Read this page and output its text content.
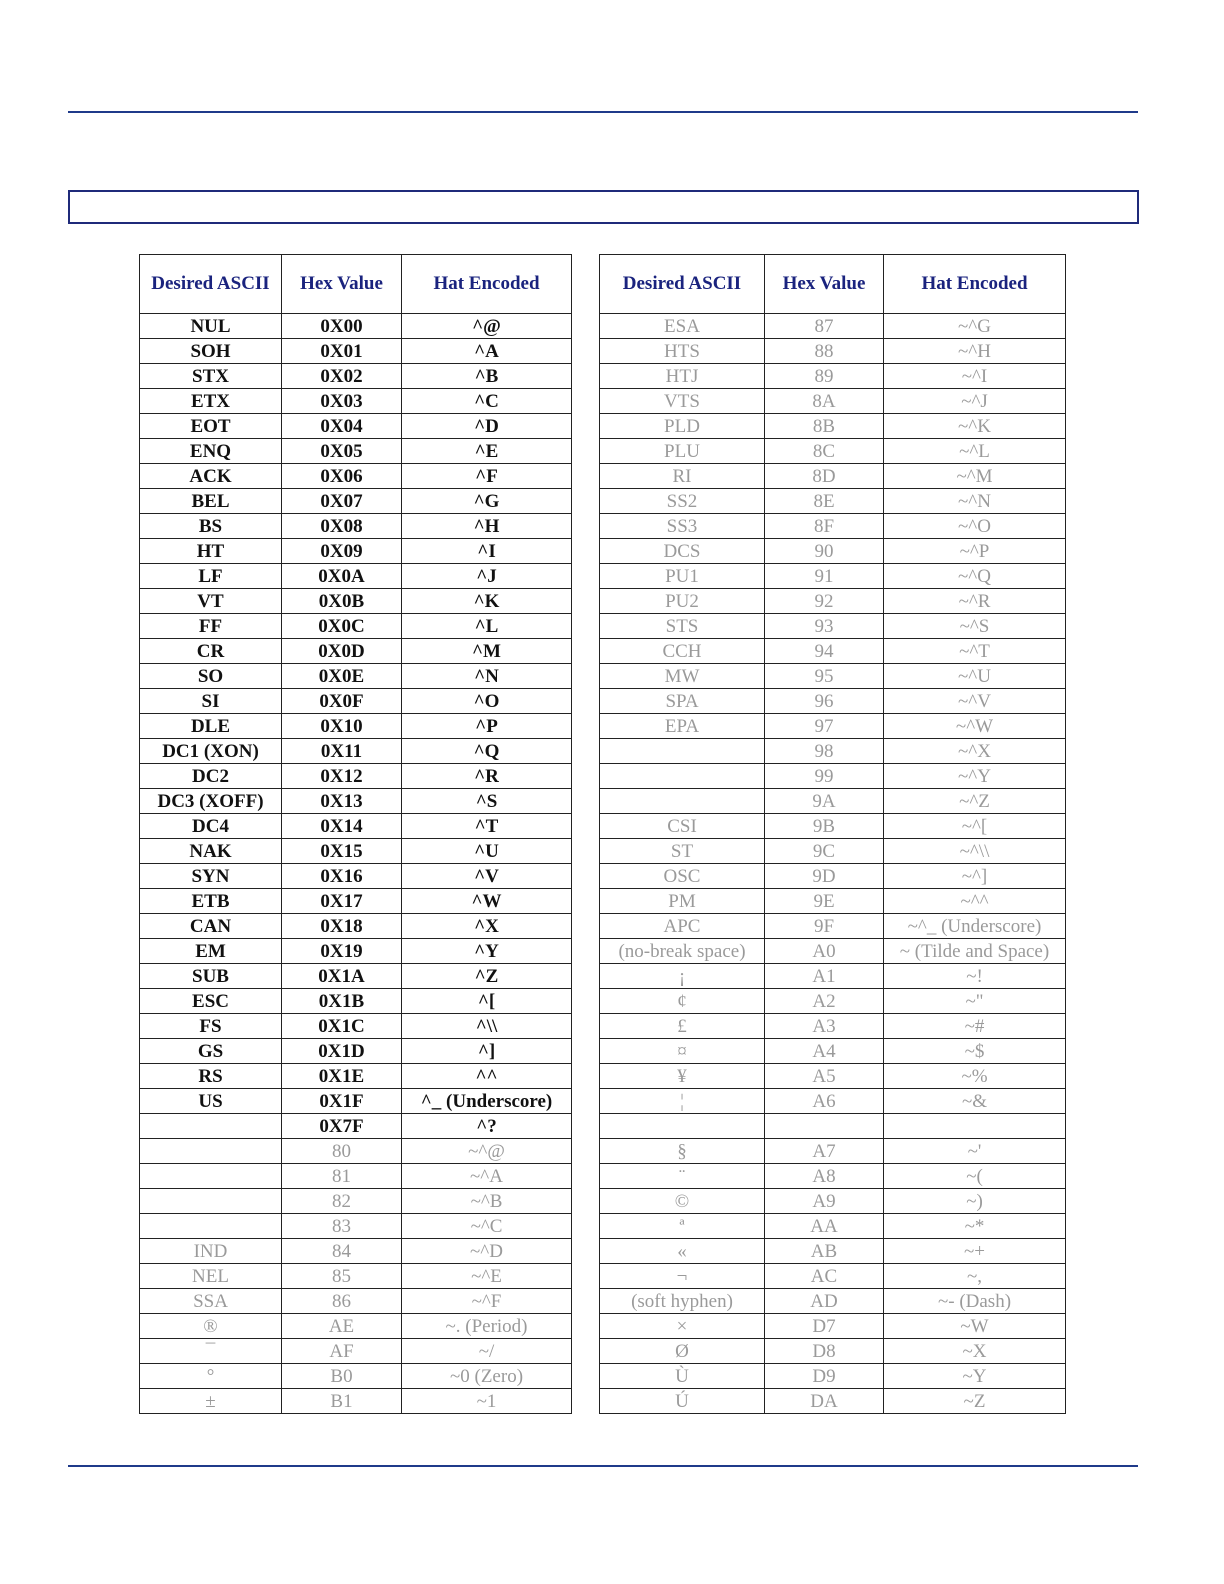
Desired ASCII	Hex Value	Hat Encoded
NUL	0X00	^@
SOH	0X01	^A
STX	0X02	^B
ETX	0X03	^C
EOT	0X04	^D
ENQ	0X05	^E
ACK	0X06	^F
BEL	0X07	^G
BS	0X08	^H
HT	0X09	^I
LF	0X0A	^J
VT	0X0B	^K
FF	0X0C	^L
CR	0X0D	^M
SO	0X0E	^N
SI	0X0F	^O
DLE	0X10	^P
DC1 (XON)	0X11	^Q
DC2	0X12	^R
DC3 (XOFF)	0X13	^S
DC4	0X14	^T
NAK	0X15	^U
SYN	0X16	^V
ETB	0X17	^W
CAN	0X18	^X
EM	0X19	^Y
SUB	0X1A	^Z
ESC	0X1B	^[
FS	0X1C	^\\
GS	0X1D	^]
RS	0X1E	^^
US	0X1F	^_ (Underscore)
	0X7F	^?
	80	~^@
	81	~^A
	82	~^B
	83	~^C
IND	84	~^D
NEL	85	~^E
SSA	86	~^F
®	AE	~. (Period)
¯	AF	~/
°	B0	~0 (Zero)
±	B1	~1
Desired ASCII	Hex Value	Hat Encoded
ESA	87	~^G
HTS	88	~^H
HTJ	89	~^I
VTS	8A	~^J
PLD	8B	~^K
PLU	8C	~^L
RI	8D	~^M
SS2	8E	~^N
SS3	8F	~^O
DCS	90	~^P
PU1	91	~^Q
PU2	92	~^R
STS	93	~^S
CCH	94	~^T
MW	95	~^U
SPA	96	~^V
EPA	97	~^W
	98	~^X
	99	~^Y
	9A	~^Z
CSI	9B	~^[
ST	9C	~^\\
OSC	9D	~^]
PM	9E	~^^
APC	9F	~^_ (Underscore)
(no-break space)	A0	~ (Tilde and Space)
¡	A1	~!
¢	A2	~"
£	A3	~#
¤	A4	~$
¥	A5	~%
¦	A6	~&

§	A7	~'
¨	A8	~(
©	A9	~)
ª	AA	~*
«	AB	~+
¬	AC	~,
(soft hyphen)	AD	~- (Dash)
×	D7	~W
Ø	D8	~X
Ù	D9	~Y
Ú	DA	~Z
